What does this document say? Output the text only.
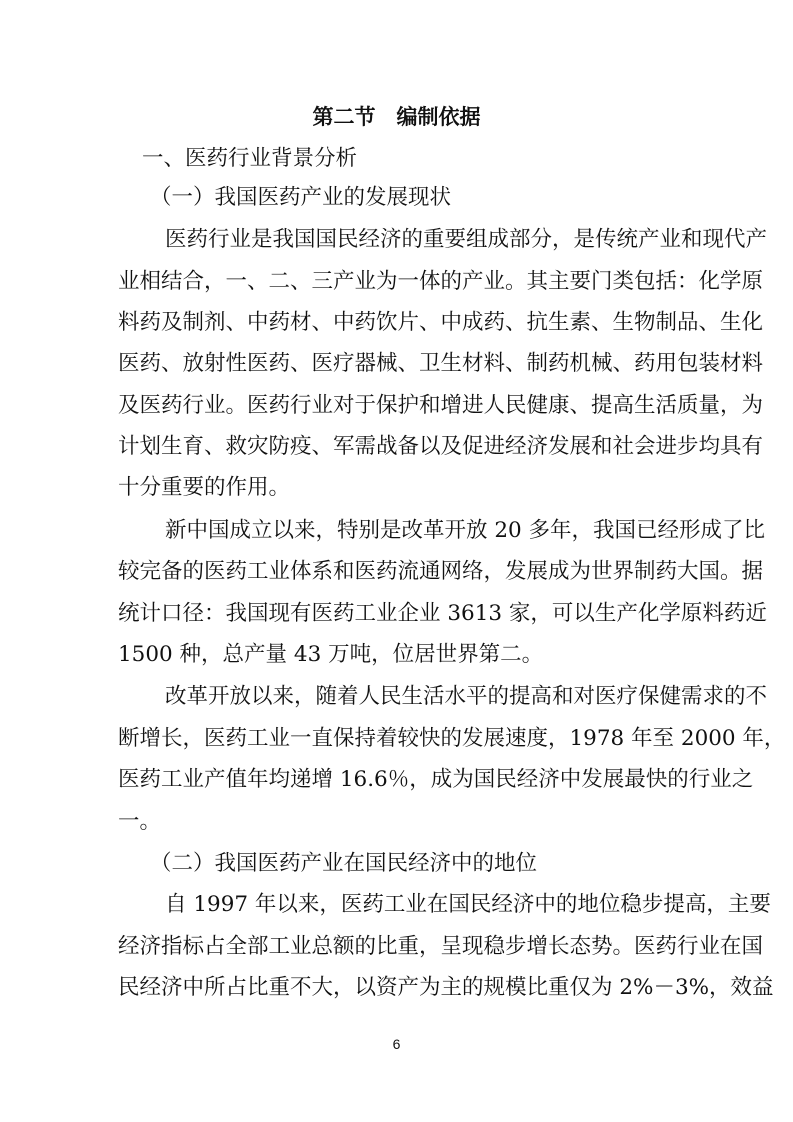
第二节　编制依据
一、医药行业背景分析
（一）我国医药产业的发展现状
医药行业是我国国民经济的重要组成部分，是传统产业和现代产
业相结合，一、二、三产业为一体的产业。其主要门类包括：化学原
料药及制剂、中药材、中药饮片、中成药、抗生素、生物制品、生化
医药、放射性医药、医疗器械、卫生材料、制药机械、药用包装材料
及医药行业。医药行业对于保护和增进人民健康、提高生活质量，为
计划生育、救灾防疫、军需战备以及促进经济发展和社会进步均具有
十分重要的作用。
新中国成立以来，特别是改革开放 20 多年，我国已经形成了比
较完备的医药工业体系和医药流通网络，发展成为世界制药大国。据
统计口径：我国现有医药工业企业 3613 家，可以生产化学原料药近
1500 种，总产量 43 万吨，位居世界第二。
改革开放以来，随着人民生活水平的提高和对医疗保健需求的不
断增长，医药工业一直保持着较快的发展速度，1978 年至 2000 年，
医药工业产值年均递增 16.6％，成为国民经济中发展最快的行业之
一。
（二）我国医药产业在国民经济中的地位
自 1997 年以来，医药工业在国民经济中的地位稳步提高，主要
经济指标占全部工业总额的比重，呈现稳步增长态势。医药行业在国
民经济中所占比重不大，以资产为主的规模比重仅为 2%－3%，效益
6
